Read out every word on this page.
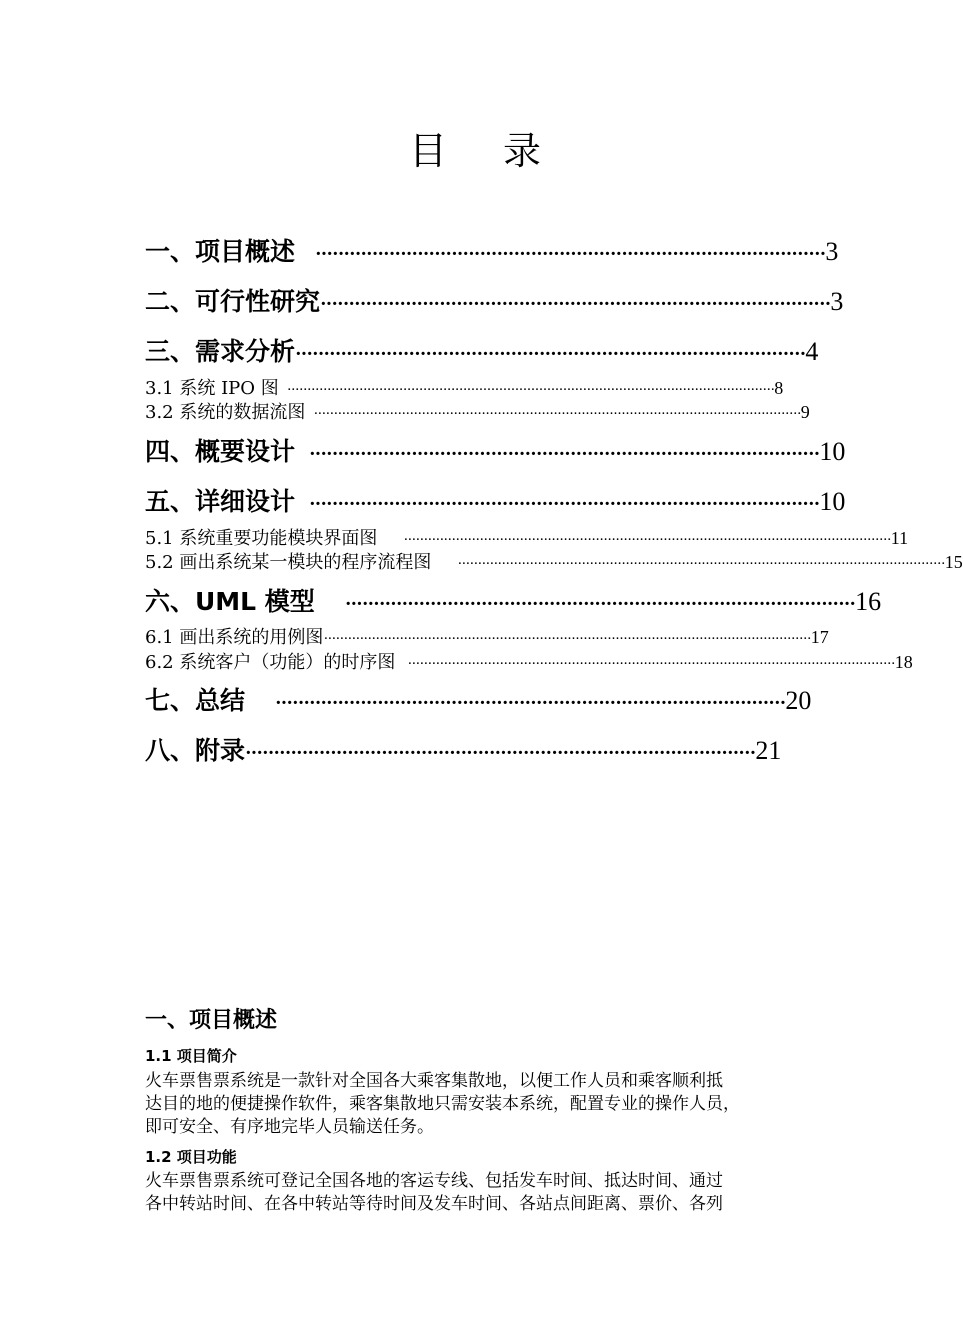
目 录
一、项目概述	·························································································· 3
二、可行性研究 ·························································································· 3
三、需求分析 ·························································································· 4
3.1 系统 IPO 图 ·························································································································· 8
3.2 系统的数据流图 ·························································································································· 9
四、概要设计 ·························································································· 10
五、详细设计 ·························································································· 10
5.1 系统重要功能模块界面图	·························································································································· 11
5.2 画出系统某一模块的程序流程图	·························································································································· 15
六、UML 模型	·························································································· 16
6.1 画出系统的用例图 ·························································································································· 17
6.2 系统客户（功能）的时序图 ·························································································································· 18
七、总结	·························································································· 20
八、附录 ·························································································· 21
一、项目概述
1.1 项目简介
火车票售票系统是一款针对全国各大乘客集散地，以便工作人员和乘客顺利抵
达目的地的便捷操作软件，乘客集散地只需安装本系统，配置专业的操作人员，
即可安全、有序地完毕人员输送任务。
1.2 项目功能
火车票售票系统可登记全国各地的客运专线、包括发车时间、抵达时间、通过
各中转站时间、在各中转站等待时间及发车时间、各站点间距离、票价、各列
